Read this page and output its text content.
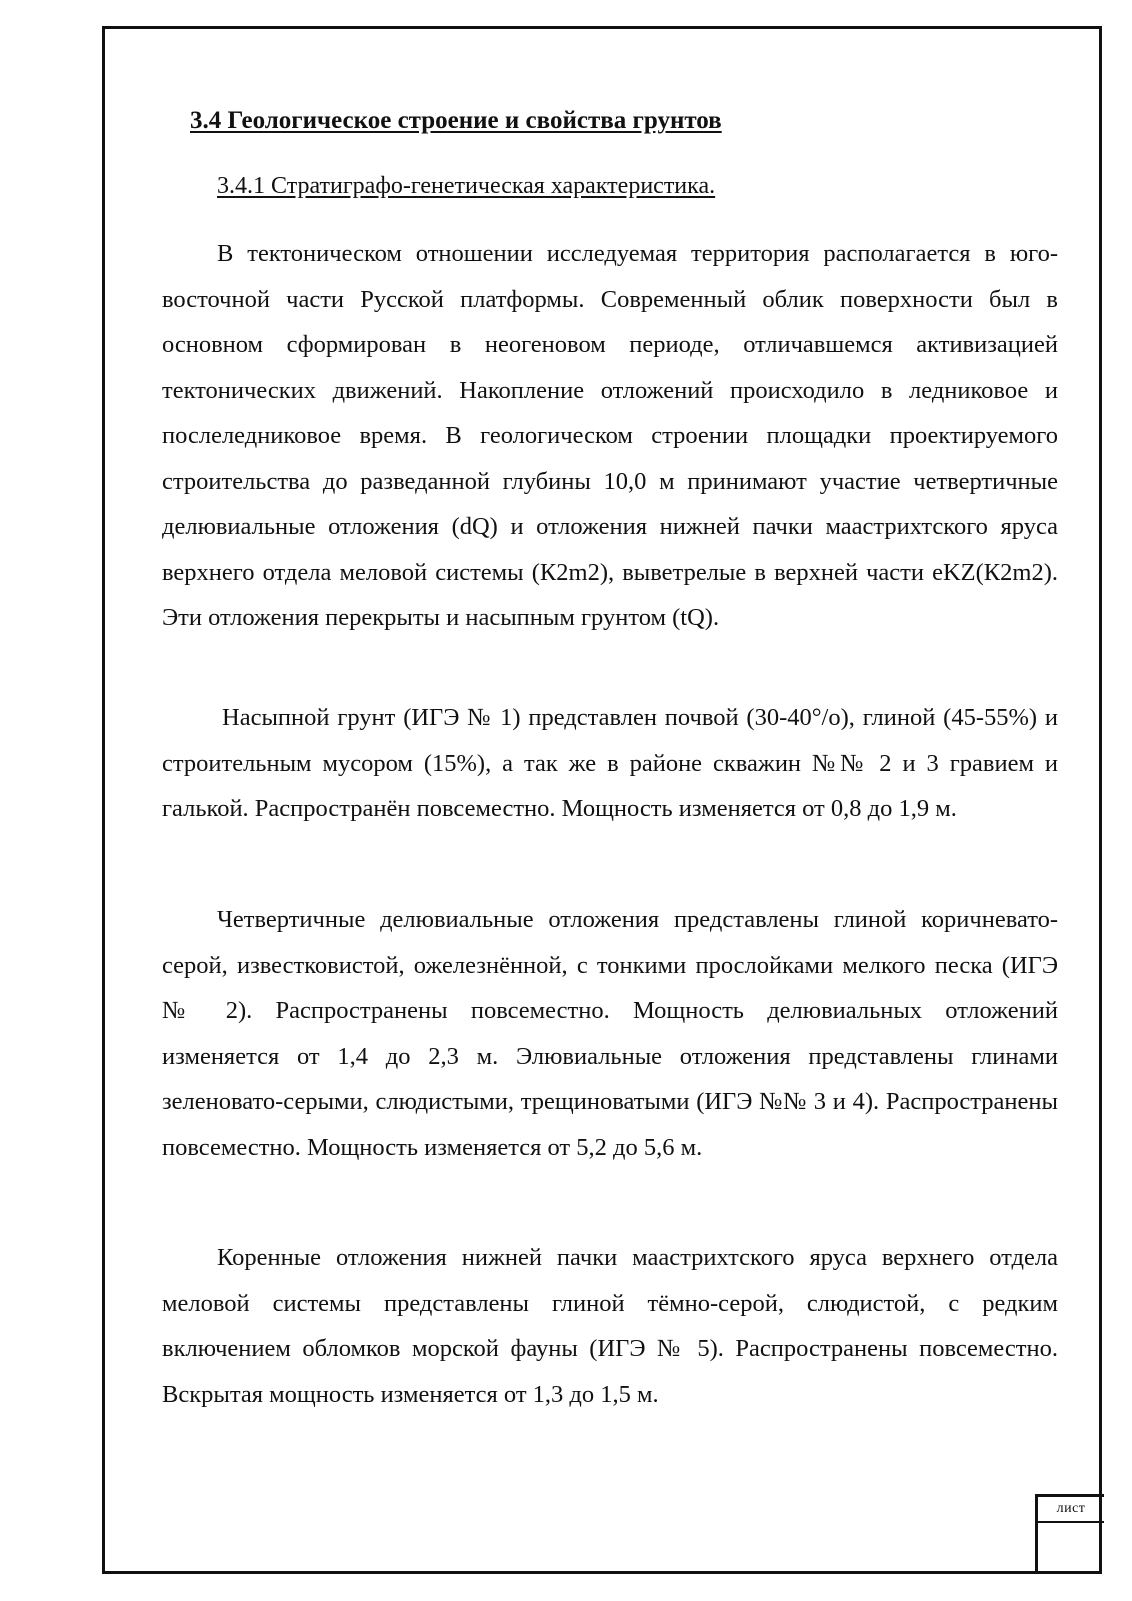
3.4 Геологическое строение и свойства грунтов
3.4.1 Стратиграфо-генетическая характеристика.

В тектоническом отношении исследуемая территория располагается в юго-восточной части Русской платформы. Современный облик поверхности был в основном сформирован в неогеновом периоде, отличавшемся активизацией тектонических движений. Накопление отложений происходило в ледниковое и послеледниковое время. В геологическом строении площадки проектируемого строительства до разведанной глубины 10,0 м принимают участие четвертичные делювиальные отложения (dQ) и отложения нижней пачки маастрихтского яруса верхнего отдела меловой системы (К2m2), выветрелые в верхней части eKZ(К2m2). Эти отложения перекрыты и насыпным грунтом (tQ).

Насыпной грунт (ИГЭ № 1) представлен почвой (30-40°/о), глиной (45-55%) и строительным мусором (15%), а так же в районе скважин №№ 2 и 3 гравием и галькой. Распространён повсеместно. Мощность изменяется от 0,8 до 1,9 м.

Четвертичные делювиальные отложения представлены глиной коричневато-серой, известковистой, ожелезнённой, с тонкими прослойками мелкого песка (ИГЭ № 2). Распространены повсеместно. Мощность делювиальных отложений изменяется от 1,4 до 2,3 м. Элювиальные отложения представлены глинами зеленовато-серыми, слюдистыми, трещиноватыми (ИГЭ №№ 3 и 4). Распространены повсеместно. Мощность изменяется от 5,2 до 5,6 м.

Коренные отложения нижней пачки маастрихтского яруса верхнего отдела меловой системы представлены глиной тёмно-серой, слюдистой, с редким включением обломков морской фауны (ИГЭ № 5). Распространены повсеместно. Вскрытая мощность изменяется от 1,3 до 1,5 м.

лист
